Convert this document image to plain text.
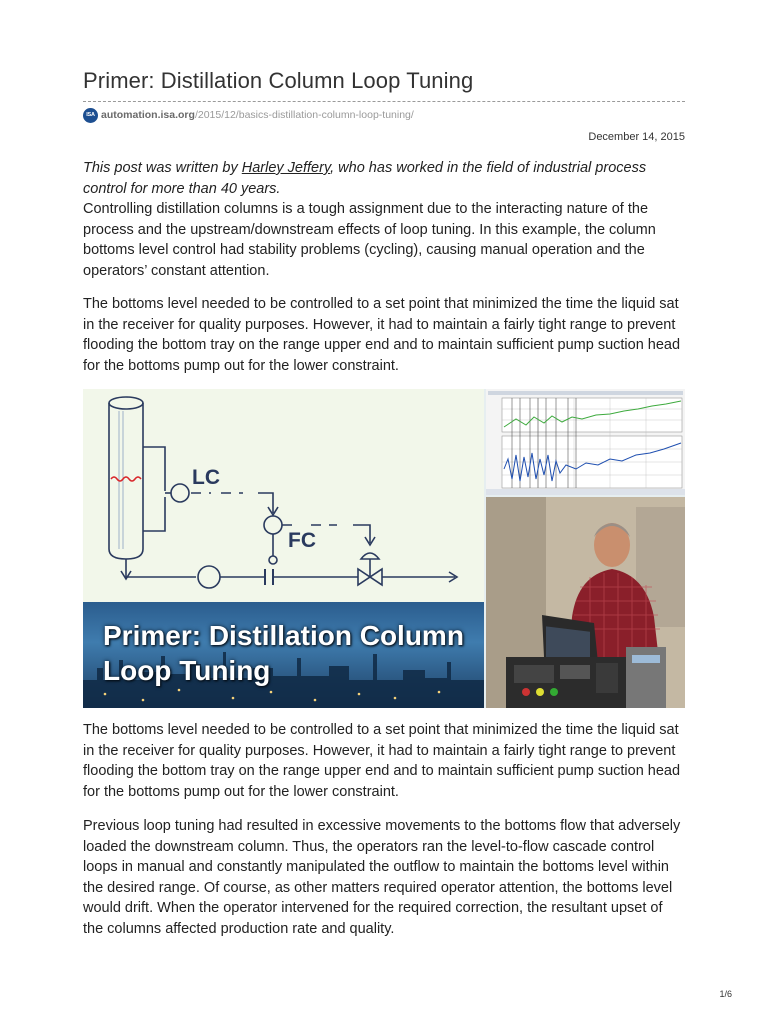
Primer: Distillation Column Loop Tuning
ISA automation.isa.org /2015/12/basics-distillation-column-loop-tuning/
December 14, 2015

This post was written by Harley Jeffery, who has worked in the field of industrial process control for more than 40 years.

Controlling distillation columns is a tough assignment due to the interacting nature of the process and the upstream/downstream effects of loop tuning. In this example, the column bottoms level control had stability problems (cycling), causing manual operation and the operators’ constant attention.

The bottoms level needed to be controlled to a set point that minimized the time the liquid sat in the receiver for quality purposes. However, it had to maintain a fairly tight range to prevent flooding the bottom tray on the range upper end and to maintain sufficient pump suction head for the bottoms pump out for the lower constraint.

LC
FC
Primer: Distillation Column Loop Tuning

The bottoms level needed to be controlled to a set point that minimized the time the liquid sat in the receiver for quality purposes. However, it had to maintain a fairly tight range to prevent flooding the bottom tray on the range upper end and to maintain sufficient pump suction head for the bottoms pump out for the lower constraint.

Previous loop tuning had resulted in excessive movements to the bottoms flow that adversely loaded the downstream column. Thus, the operators ran the level-to-flow cascade control loops in manual and constantly manipulated the outflow to maintain the bottoms level within the desired range. Of course, as other matters required operator attention, the bottoms level would drift. When the operator intervened for the required correction, the resultant upset of the columns affected production rate and quality.

1/6
